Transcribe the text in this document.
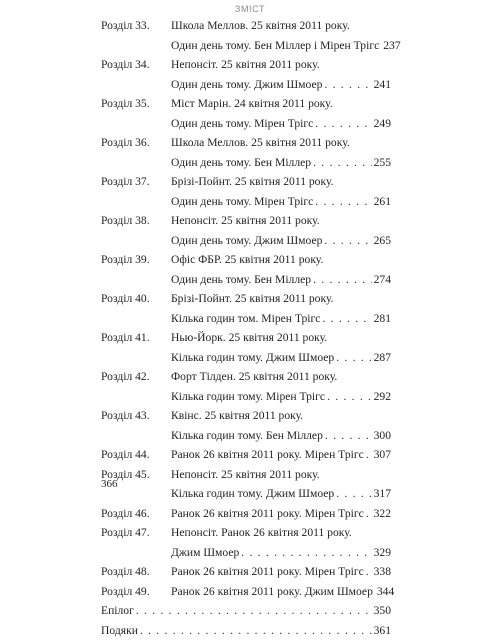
ЗМІСТ
Розділ 33.	Школа Меллов. 25 квітня 2011 року.
Один день тому. Бен Міллер і Мірен Трігс 237
Розділ 34.	Непонсіт. 25 квітня 2011 року.
Один день тому. Джим Шмоер . . .	241
Розділ 35.	Міст Марін. 24 квітня 2011 року.
Один день тому. Мірен Трігс . . .	249
Розділ 36.	Школа Меллов. 25 квітня 2011 року.
Один день тому. Бен Міллер . . .	255
Розділ 37.	Брізі-Пойнт. 25 квітня 2011 року.
Один день тому. Мірен Трігс . . .	261
Розділ 38.	Непонсіт. 25 квітня 2011 року.
Один день тому. Джим Шмоер . . .	265
Розділ 39.	Офіс ФБР. 25 квітня 2011 року.
Один день тому. Бен Міллер . . .	274
Розділ 40.	Брізі-Пойнт. 25 квітня 2011 року.
Кілька годин том. Мірен Трігс . . .	281
Розділ 41.	Нью-Йорк. 25 квітня 2011 року.
Кілька годин тому. Джим Шмоер . . .	287
Розділ 42.	Форт Тілден. 25 квітня 2011 року.
Кілька годин тому. Мірен Трігс . . .	292
Розділ 43.	Квінс. 25 квітня 2011 року.
Кілька годин тому. Бен Міллер . . .	300
Розділ 44.	Ранок 26 квітня 2011 року. Мірен Трігс . . . 307
Розділ 45.	Непонсіт. 25 квітня 2011 року.
Кілька годин тому. Джим Шмоер . . .	317
Розділ 46.	Ранок 26 квітня 2011 року. Мірен Трігс . . . 322
Розділ 47.	Непонсіт. Ранок 26 квітня 2011 року.
Джим Шмоер . . .	329
Розділ 48.	Ранок 26 квітня 2011 року. Мірен Трігс . . . 338
Розділ 49.	Ранок 26 квітня 2011 року. Джим Шмоер 344
Епілог . . .	350
Подяки . . .	361
366
